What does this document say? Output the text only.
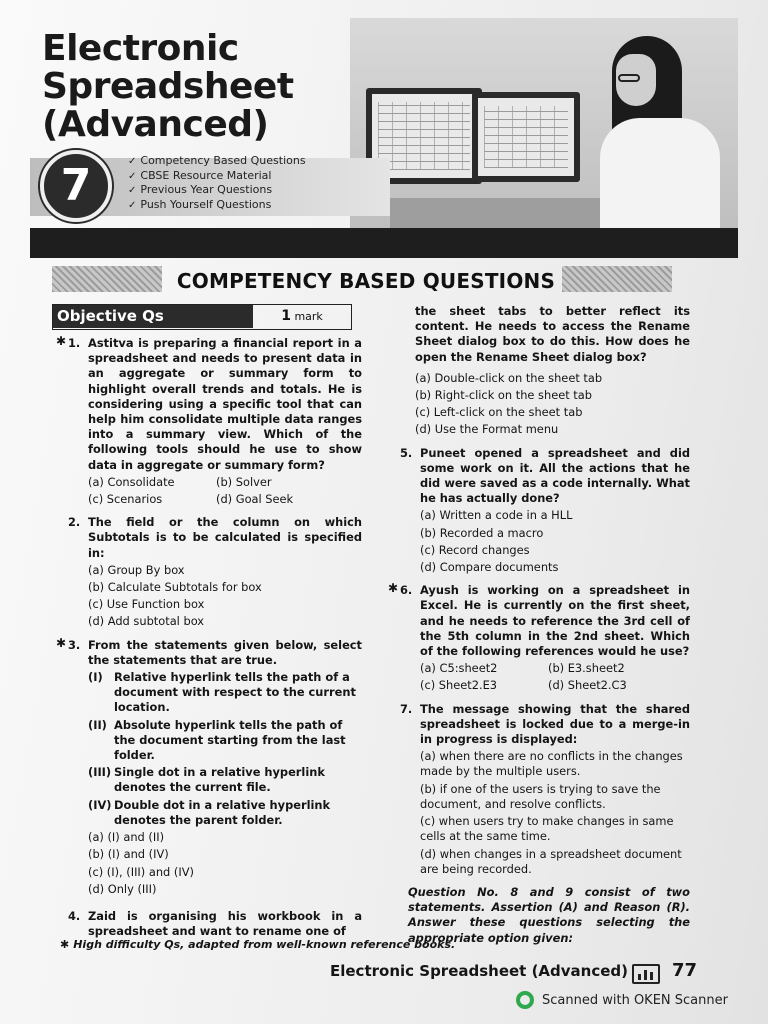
Electronic
Spreadsheet
(Advanced)
7	✓ Competency Based Questions
✓ CBSE Resource Material
✓ Previous Year Questions
✓ Push Yourself Questions
COMPETENCY BASED QUESTIONS
Objective Qs	1 mark
✱ 1. Astitva is preparing a financial report in a spreadsheet and needs to present data in an aggregate or summary form to highlight overall trends and totals. He is considering using a specific tool that can help him consolidate multiple data ranges into a summary view. Which of the following tools should he use to show data in aggregate or summary form?
(a) Consolidate	(b) Solver
(c) Scenarios	(d) Goal Seek
2. The field or the column on which Subtotals is to be calculated is specified in:
(a) Group By box
(b) Calculate Subtotals for box
(c) Use Function box
(d) Add subtotal box
✱ 3. From the statements given below, select the statements that are true.
(I) Relative hyperlink tells the path of a document with respect to the current location.
(II) Absolute hyperlink tells the path of the document starting from the last folder.
(III) Single dot in a relative hyperlink denotes the current file.
(IV) Double dot in a relative hyperlink denotes the parent folder.
(a) (I) and (II)
(b) (I) and (IV)
(c) (I), (III) and (IV)
(d) Only (III)
4. Zaid is organising his workbook in a spreadsheet and want to rename one of
the sheet tabs to better reflect its content. He needs to access the Rename Sheet dialog box to do this. How does he open the Rename Sheet dialog box?
(a) Double-click on the sheet tab
(b) Right-click on the sheet tab
(c) Left-click on the sheet tab
(d) Use the Format menu
5. Puneet opened a spreadsheet and did some work on it. All the actions that he did were saved as a code internally. What he has actually done?
(a) Written a code in a HLL
(b) Recorded a macro
(c) Record changes
(d) Compare documents
✱ 6. Ayush is working on a spreadsheet in Excel. He is currently on the first sheet, and he needs to reference the 3rd cell of the 5th column in the 2nd sheet. Which of the following references would he use?
(a) C5:sheet2	(b) E3.sheet2
(c) Sheet2.E3	(d) Sheet2.C3
7. The message showing that the shared spreadsheet is locked due to a merge-in in progress is displayed:
(a) when there are no conflicts in the changes made by the multiple users.
(b) if one of the users is trying to save the document, and resolve conflicts.
(c) when users try to make changes in same cells at the same time.
(d) when changes in a spreadsheet document are being recorded.
Question No. 8 and 9 consist of two statements. Assertion (A) and Reason (R). Answer these questions selecting the appropriate option given:
✱ High difficulty Qs, adapted from well-known reference books.
Electronic Spreadsheet (Advanced) 77
Scanned with OKEN Scanner
